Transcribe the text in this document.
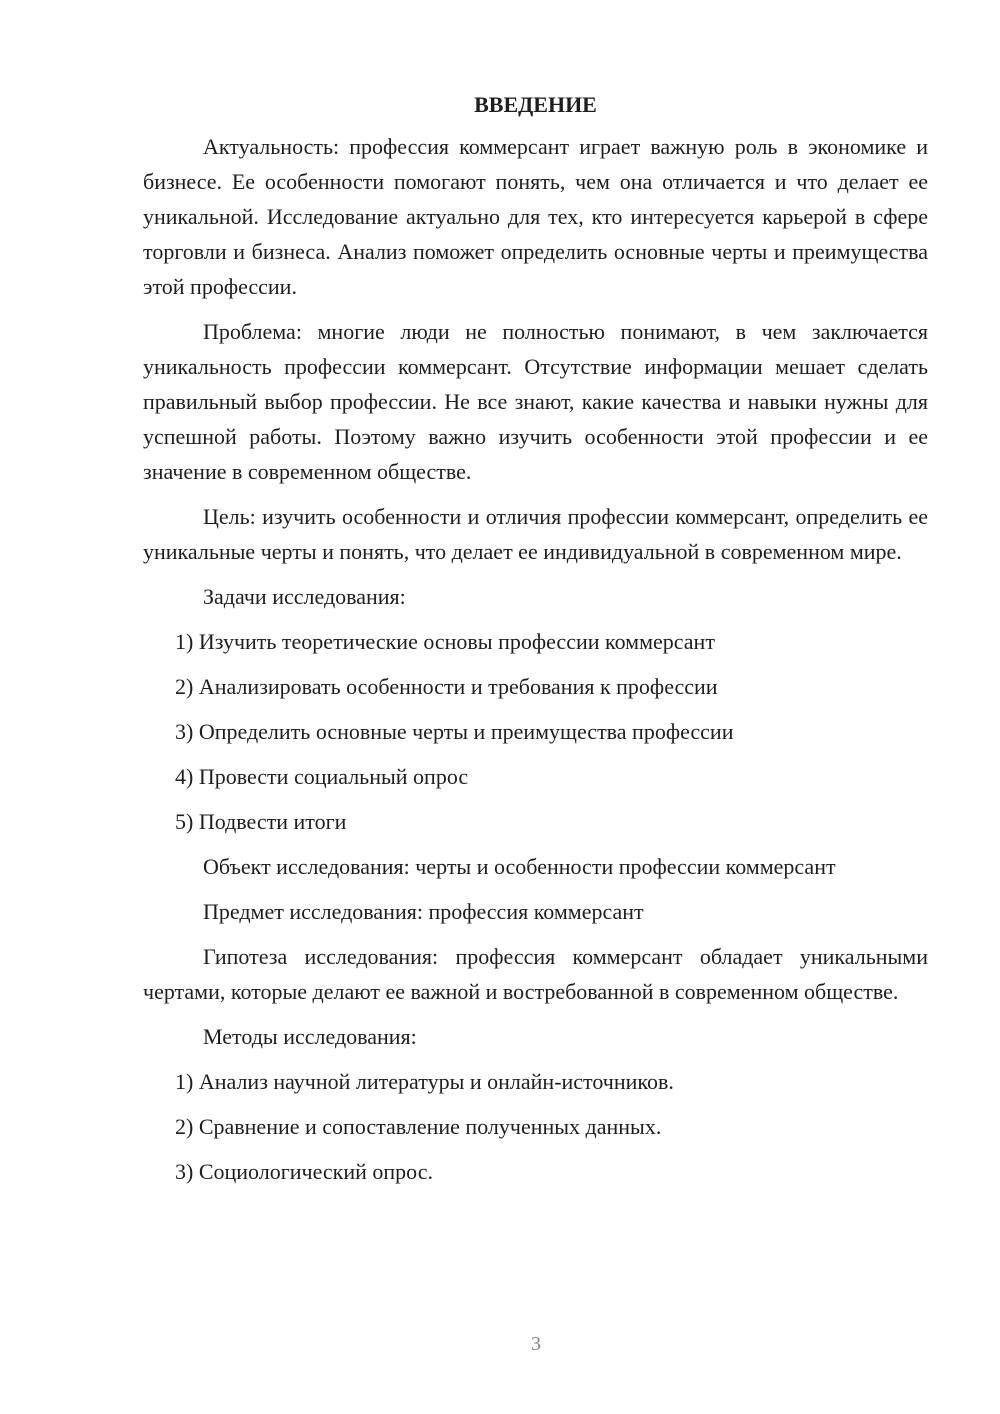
ВВЕДЕНИЕ

Актуальность: профессия коммерсант играет важную роль в экономике и бизнесе. Ее особенности помогают понять, чем она отличается и что делает ее уникальной. Исследование актуально для тех, кто интересуется карьерой в сфере торговли и бизнеса. Анализ поможет определить основные черты и преимущества этой профессии.

Проблема: многие люди не полностью понимают, в чем заключается уникальность профессии коммерсант. Отсутствие информации мешает сделать правильный выбор профессии. Не все знают, какие качества и навыки нужны для успешной работы. Поэтому важно изучить особенности этой профессии и ее значение в современном обществе.

Цель: изучить особенности и отличия профессии коммерсант, определить ее уникальные черты и понять, что делает ее индивидуальной в современном мире.

Задачи исследования:

1) Изучить теоретические основы профессии коммерсант

2) Анализировать особенности и требования к профессии

3) Определить основные черты и преимущества профессии

4) Провести социальный опрос

5) Подвести итоги

Объект исследования: черты и особенности профессии коммерсант

Предмет исследования: профессия коммерсант

Гипотеза исследования: профессия коммерсант обладает уникальными чертами, которые делают ее важной и востребованной в современном обществе.

Методы исследования:

1) Анализ научной литературы и онлайн-источников.

2) Сравнение и сопоставление полученных данных.

3) Социологический опрос.

3
